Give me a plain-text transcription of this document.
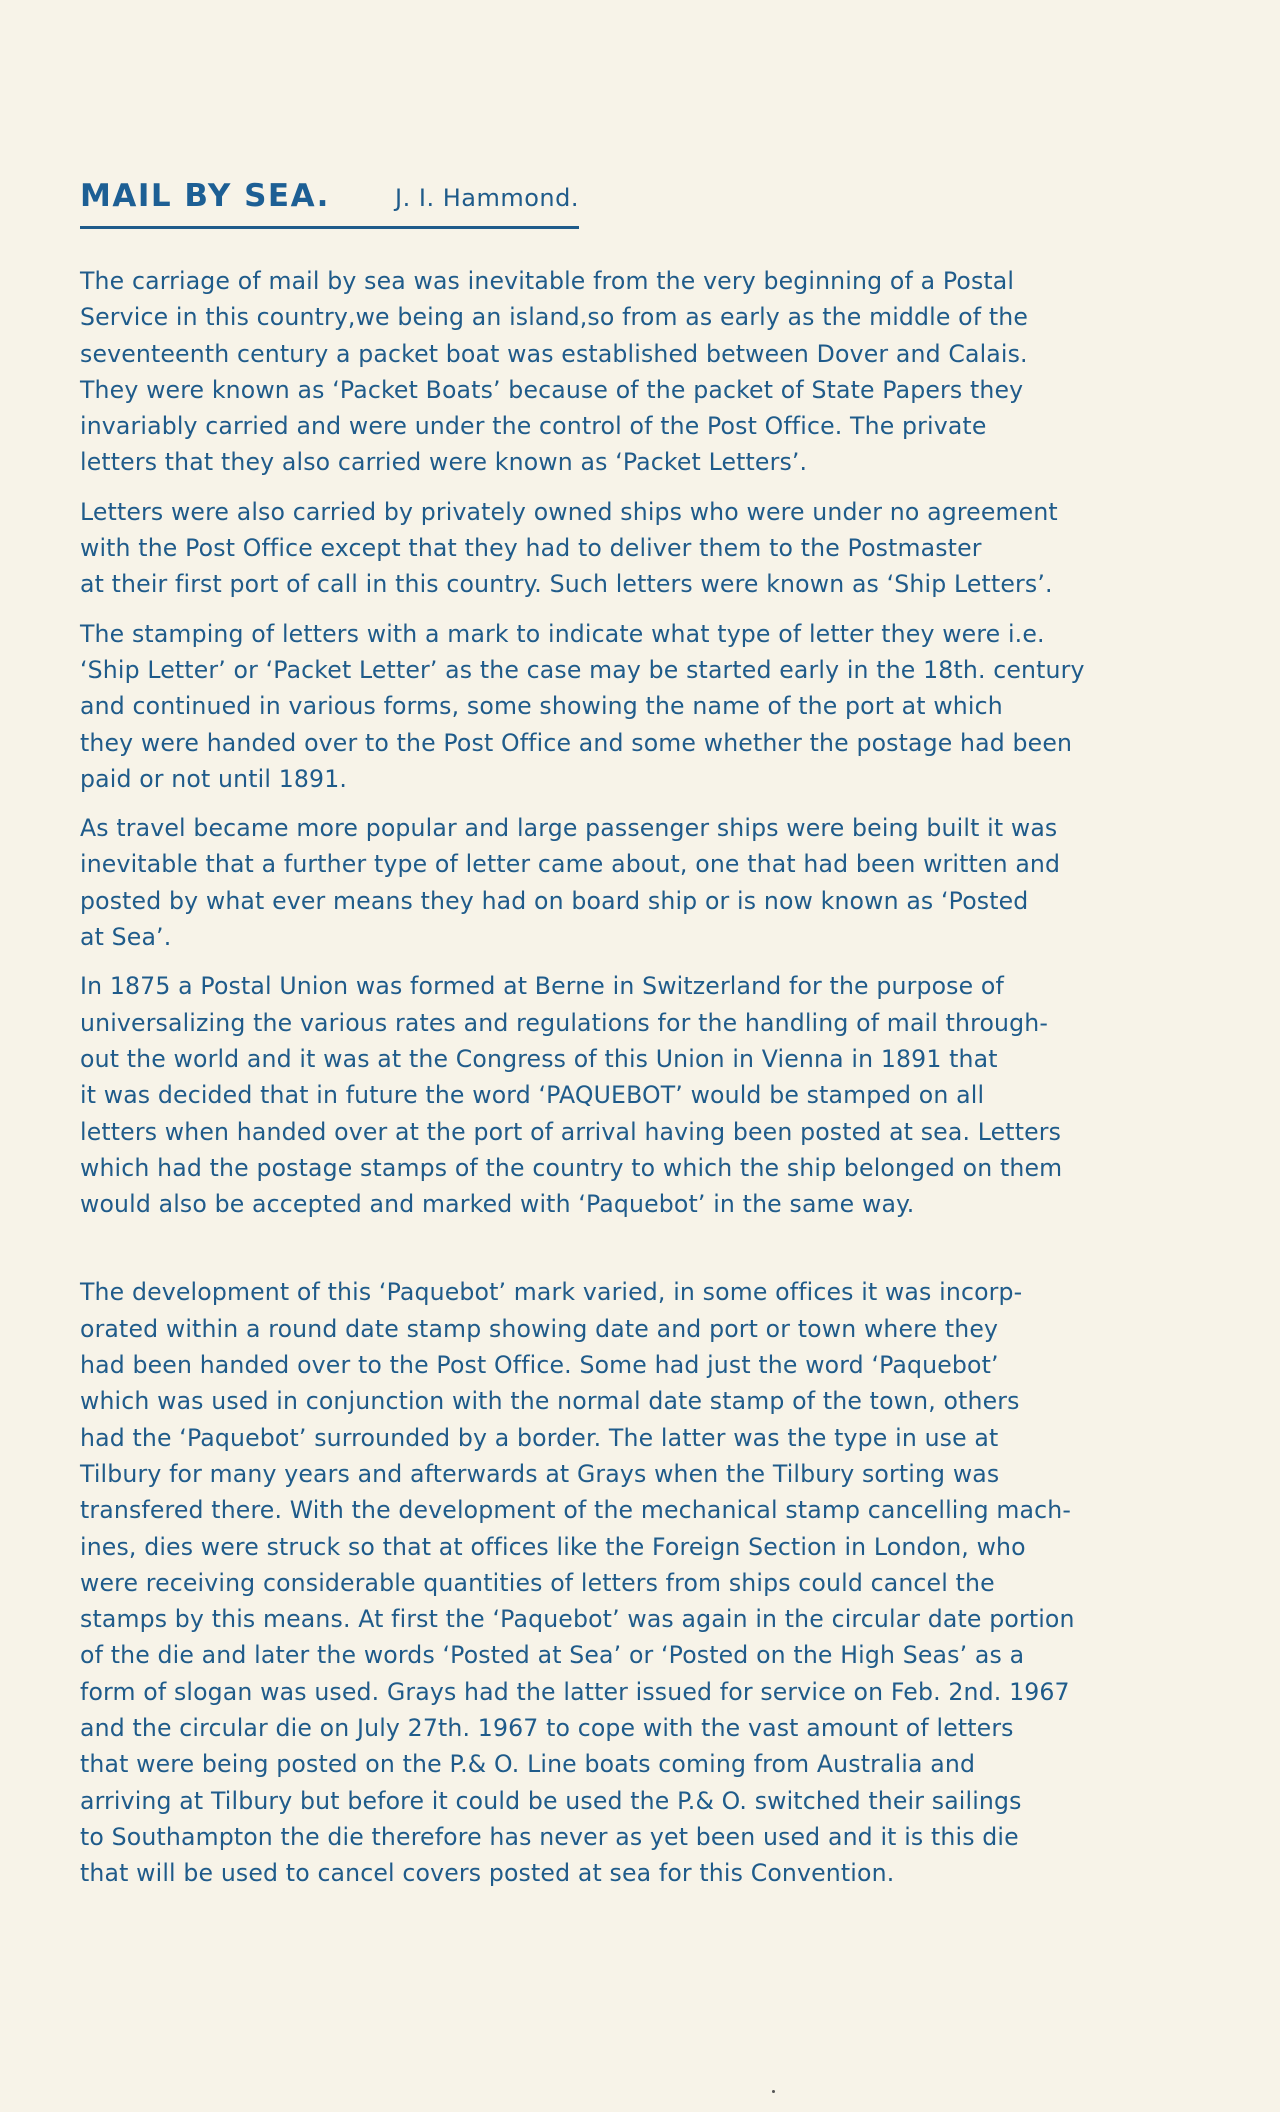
MAIL BY SEA.	J. I. Hammond.

The carriage of mail by sea was inevitable from the very beginning of a Postal
Service in this country,we being an island,so from as early as the middle of the
seventeenth century a packet boat was established between Dover and Calais.
They were known as ‘Packet Boats’ because of the packet of State Papers they
invariably carried and were under the control of the Post Office. The private
letters that they also carried were known as ‘Packet Letters’.

Letters were also carried by privately owned ships who were under no agreement
with the Post Office except that they had to deliver them to the Postmaster
at their first port of call in this country. Such letters were known as ‘Ship Letters’.

The stamping of letters with a mark to indicate what type of letter they were i.e.
‘Ship Letter’ or ‘Packet Letter’ as the case may be started early in the 18th. century
and continued in various forms, some showing the name of the port at which
they were handed over to the Post Office and some whether the postage had been
paid or not until 1891.

As travel became more popular and large passenger ships were being built it was
inevitable that a further type of letter came about, one that had been written and
posted by what ever means they had on board ship or is now known as ‘Posted
at Sea’.

In 1875 a Postal Union was formed at Berne in Switzerland for the purpose of
universalizing the various rates and regulations for the handling of mail through-
out the world and it was at the Congress of this Union in Vienna in 1891 that
it was decided that in future the word ‘PAQUEBOT’ would be stamped on all
letters when handed over at the port of arrival having been posted at sea. Letters
which had the postage stamps of the country to which the ship belonged on them
would also be accepted and marked with ‘Paquebot’ in the same way.

The development of this ‘Paquebot’ mark varied, in some offices it was incorp-
orated within a round date stamp showing date and port or town where they
had been handed over to the Post Office. Some had just the word ‘Paquebot’
which was used in conjunction with the normal date stamp of the town, others
had the ‘Paquebot’ surrounded by a border. The latter was the type in use at
Tilbury for many years and afterwards at Grays when the Tilbury sorting was
transfered there. With the development of the mechanical stamp cancelling mach-
ines, dies were struck so that at offices like the Foreign Section in London, who
were receiving considerable quantities of letters from ships could cancel the
stamps by this means. At first the ‘Paquebot’ was again in the circular date portion
of the die and later the words ‘Posted at Sea’ or ‘Posted on the High Seas’ as a
form of slogan was used. Grays had the latter issued for service on Feb. 2nd. 1967
and the circular die on July 27th. 1967 to cope with the vast amount of letters
that were being posted on the P.& O. Line boats coming from Australia and
arriving at Tilbury but before it could be used the P.& O. switched their sailings
to Southampton the die therefore has never as yet been used and it is this die
that will be used to cancel covers posted at sea for this Convention.
